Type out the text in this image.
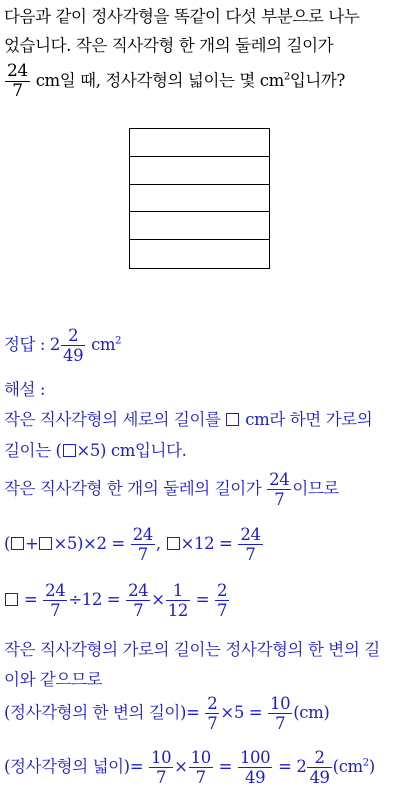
다음과 같이 정사각형을 똑같이 다섯 부분으로 나누
었습니다. 작은 직사각형 한 개의 둘레의 길이가
$\frac{24}{7}$ cm일 때, 정사각형의 넓이는 몇 $cm^2$입니까?
정답 : $2 \frac{2}{49} cm^2$
해설 :
작은 직사각형의 세로의 길이를  cm라 하면 가로의
길이는 ( ×5) cm입니다.
작은 직사각형 한 개의 둘레의 길이가 $\frac{24}{7}$ 이므로
( + $\times 5)\times 2 = \frac{24}{7}$ , $\times 12 = \frac{24}{7}$
= $\frac{24}{7} \div 12 = \frac{24}{7} \times \frac{1}{12} = \frac{2}{7}$
작은 직사각형의 가로의 길이는 정사각형의 한 변의 길
이와 같으므로
(정사각형의 한 변의 길이)= $\frac{2}{7} \times 5 = \frac{10}{7} (cm)$
(정사각형의 넓이)= $\frac{10}{7} \times \frac{10}{7} = \frac{100}{49} = 2 \frac{2}{49} (cm^2)$
